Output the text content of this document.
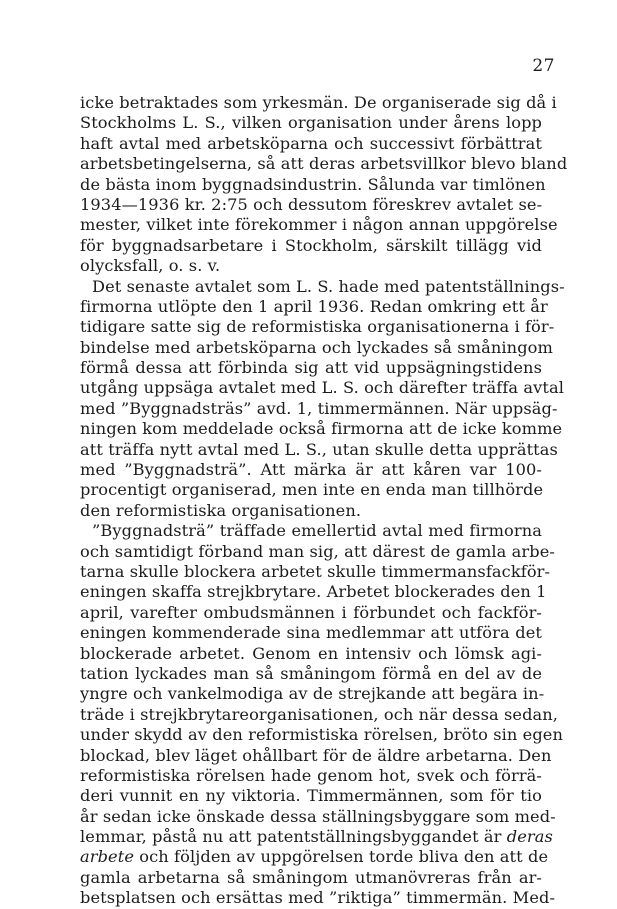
27
icke betraktades som yrkesmän. De organiserade sig då i
Stockholms L. S., vilken organisation under årens lopp
haft avtal med arbetsköparna och successivt förbättrat
arbetsbetingelserna, så att deras arbetsvillkor blevo bland
de bästa inom byggnadsindustrin. Sålunda var timlönen
1934—1936 kr. 2:75 och dessutom föreskrev avtalet se-
mester, vilket inte förekommer i någon annan uppgörelse
för byggnadsarbetare i Stockholm, särskilt tillägg vid
olycksfall, o. s. v.
Det senaste avtalet som L. S. hade med patentställnings-
firmorna utlöpte den 1 april 1936. Redan omkring ett år
tidigare satte sig de reformistiska organisationerna i för-
bindelse med arbetsköparna och lyckades så småningom
förmå dessa att förbinda sig att vid uppsägningstidens
utgång uppsäga avtalet med L. S. och därefter träffa avtal
med ”Byggnadsträs” avd. 1, timmermännen. När uppsäg-
ningen kom meddelade också firmorna att de icke komme
att träffa nytt avtal med L. S., utan skulle detta upprättas
med ”Byggnadsträ”. Att märka är att kåren var 100-
procentigt organiserad, men inte en enda man tillhörde
den reformistiska organisationen.
”Byggnadsträ” träffade emellertid avtal med firmorna
och samtidigt förband man sig, att därest de gamla arbe-
tarna skulle blockera arbetet skulle timmermansfackför-
eningen skaffa strejkbrytare. Arbetet blockerades den 1
april, varefter ombudsmännen i förbundet och fackför-
eningen kommenderade sina medlemmar att utföra det
blockerade arbetet. Genom en intensiv och lömsk agi-
tation lyckades man så småningom förmå en del av de
yngre och vankelmodiga av de strejkande att begära in-
träde i strejkbrytareorganisationen, och när dessa sedan,
under skydd av den reformistiska rörelsen, bröto sin egen
blockad, blev läget ohållbart för de äldre arbetarna. Den
reformistiska rörelsen hade genom hot, svek och förrä-
deri vunnit en ny viktoria. Timmermännen, som för tio
år sedan icke önskade dessa ställningsbyggare som med-
lemmar, påstå nu att patentställningsbyggandet är deras
arbete och följden av uppgörelsen torde bliva den att de
gamla arbetarna så småningom utmanövreras från ar-
betsplatsen och ersättas med ”riktiga” timmermän. Med-
